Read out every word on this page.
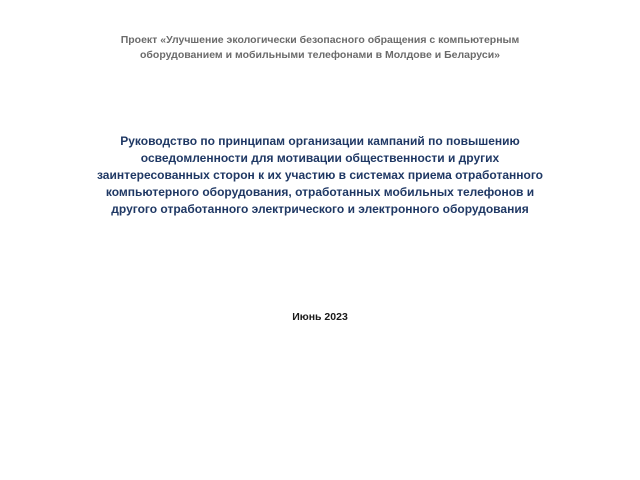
Проект «Улучшение экологически безопасного обращения с компьютерным
оборудованием и мобильными телефонами в Молдове и Беларуси»

Руководство по принципам организации кампаний по повышению
осведомленности для мотивации общественности и других
заинтересованных сторон к их участию в системах приема отработанного
компьютерного оборудования, отработанных мобильных телефонов и
другого отработанного электрического и электронного оборудования

Июнь 2023
